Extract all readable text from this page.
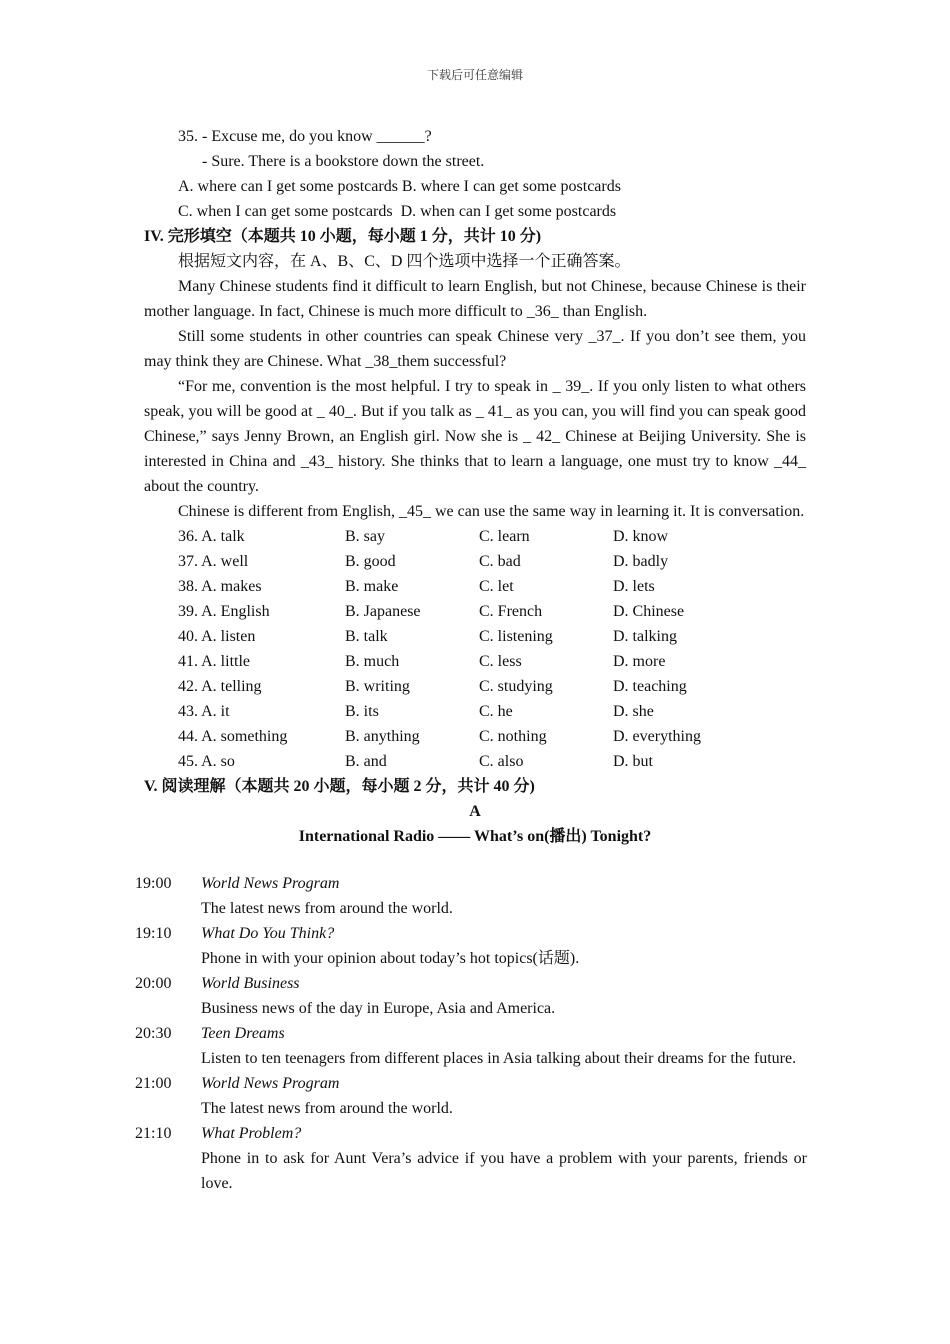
下载后可任意编辑
35. - Excuse me, do you know ______?
- Sure. There is a bookstore down the street.
A. where can I get some postcards B. where I can get some postcards
C. when I can get some postcards  D. when can I get some postcards
IV. 完形填空（本题共 10 小题，每小题 1 分，共计 10 分)
根据短文内容，在 A、B、C、D 四个选项中选择一个正确答案。
Many Chinese students find it difficult to learn English, but not Chinese, because Chinese is their mother language. In fact, Chinese is much more difficult to _36_ than English.
Still some students in other countries can speak Chinese very _37_. If you don’t see them, you may think they are Chinese. What _38_them successful?
“For me, convention is the most helpful. I try to speak in _ 39_. If you only listen to what others speak, you will be good at _ 40_. But if you talk as _ 41_ as you can, you will find you can speak good Chinese,” says Jenny Brown, an English girl. Now she is _ 42_ Chinese at Beijing University. She is interested in China and _43_ history. She thinks that to learn a language, one must try to know _44_ about the country.
Chinese is different from English, _45_ we can use the same way in learning it. It is conversation.
36. A. talk	B. say	C. learn	D. know
37. A. well	B. good	C. bad	D. badly
38. A. makes	B. make	C. let	D. lets
39. A. English	B. Japanese	C. French	D. Chinese
40. A. listen	B. talk	C. listening	D. talking
41. A. little	B. much	C. less	D. more
42. A. telling	B. writing	C. studying	D. teaching
43. A. it	B. its	C. he	D. she
44. A. something	B. anything	C. nothing	D. everything
45. A. so	B. and	C. also	D. but
V. 阅读理解（本题共 20 小题，每小题 2 分，共计 40 分)
A
International Radio —— What’s on(播出) Tonight?
19:00	World News Program
The latest news from around the world.
19:10	What Do You Think?
Phone in with your opinion about today’s hot topics(话题).
20:00	World Business
Business news of the day in Europe, Asia and America.
20:30	Teen Dreams
Listen to ten teenagers from different places in Asia talking about their dreams for the future.
21:00	World News Program
The latest news from around the world.
21:10	What Problem?
Phone in to ask for Aunt Vera’s advice if you have a problem with your parents, friends or love.
